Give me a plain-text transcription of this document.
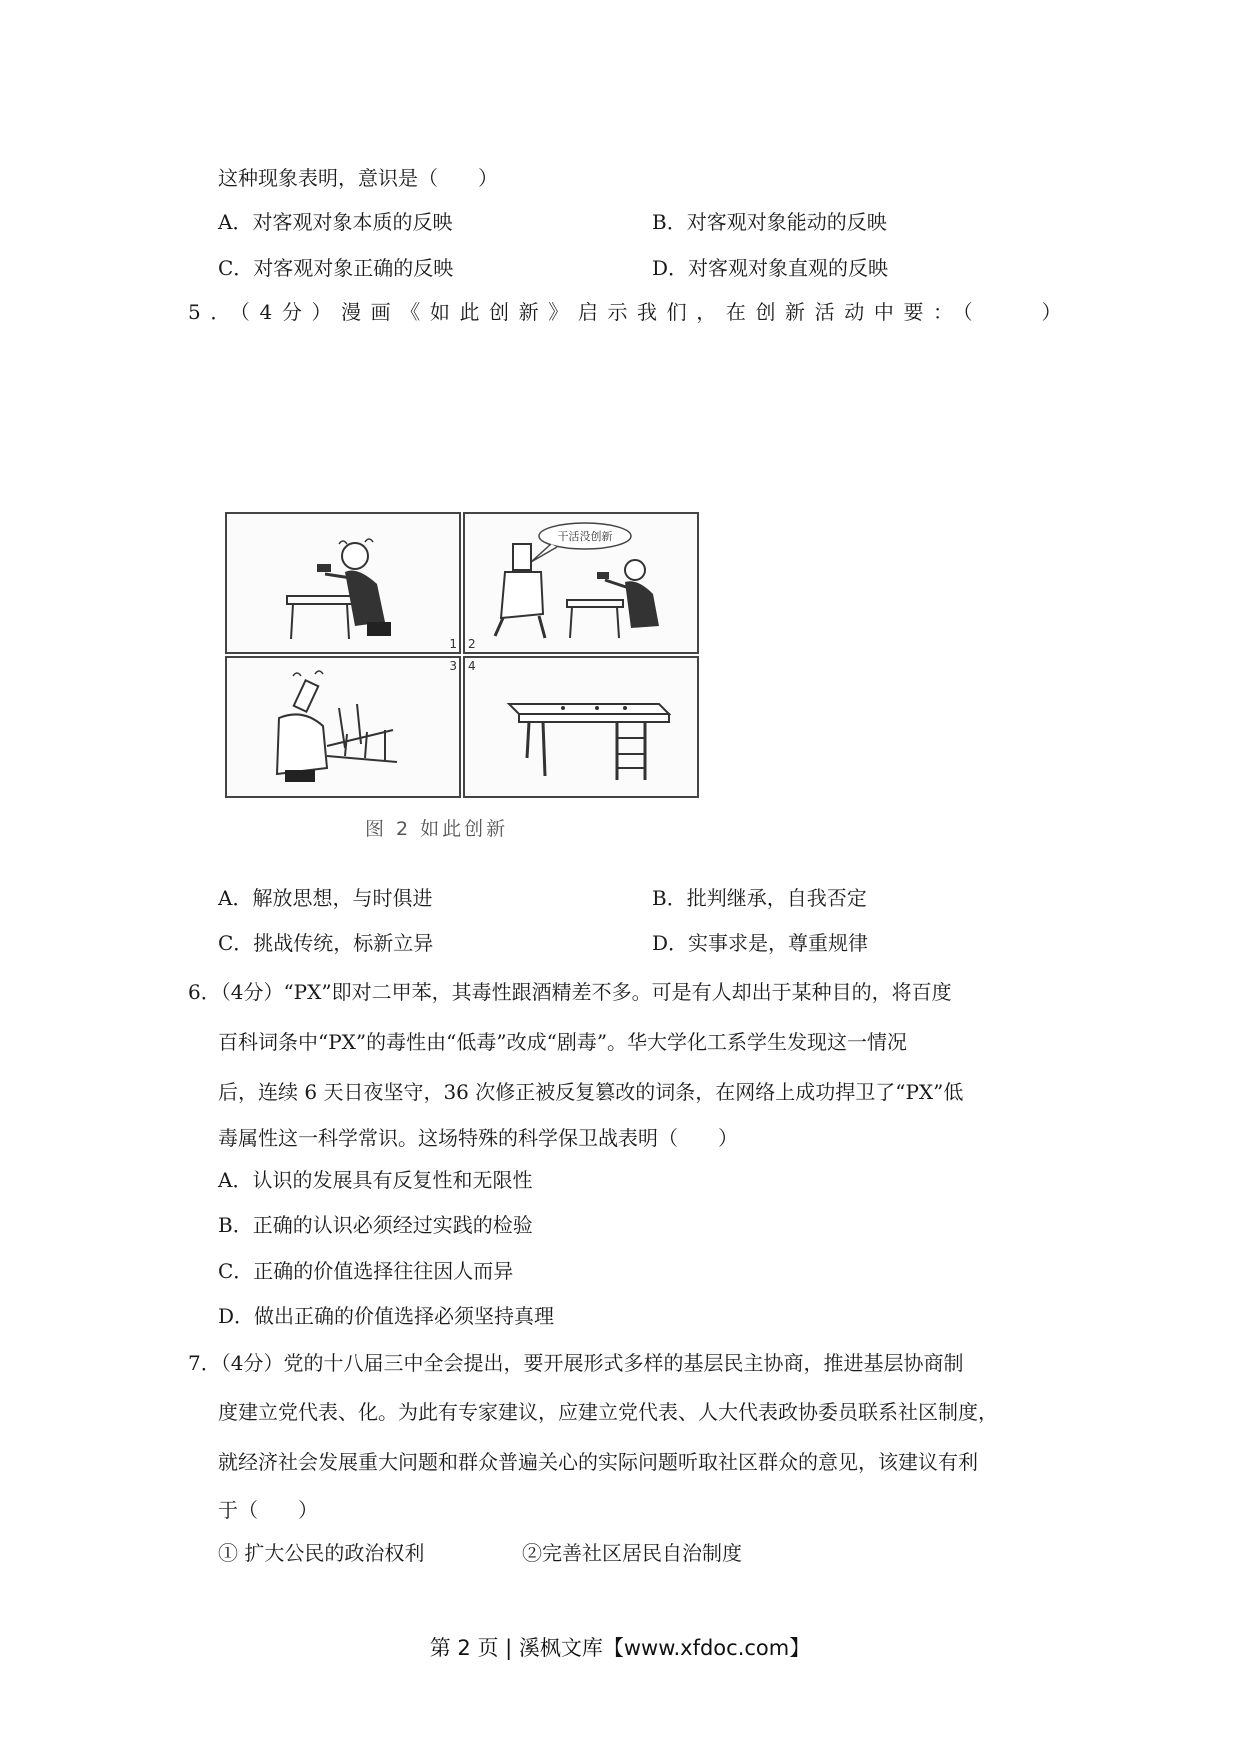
这种现象表明，意识是（　　）
A．对客观对象本质的反映	B．对客观对象能动的反映
C．对客观对象正确的反映	D．对客观对象直观的反映
5．（4分）漫画《如此创新》启示我们，在创新活动中要：（　　）
1
干活没创新
2
3 4
图 2 如此创新
A．解放思想，与时俱进	B．批判继承，自我否定
C．挑战传统，标新立异	D．实事求是，尊重规律
6．（4分）“PX”即对二甲苯，其毒性跟酒精差不多。可是有人却出于某种目的，将百度
百科词条中“PX”的毒性由“低毒”改成“剧毒”。华大学化工系学生发现这一情况
后，连续 6 天日夜坚守，36 次修正被反复篡改的词条，在网络上成功捍卫了“PX”低
毒属性这一科学常识。这场特殊的科学保卫战表明（　　）
A．认识的发展具有反复性和无限性
B．正确的认识必须经过实践的检验
C．正确的价值选择往往因人而异
D．做出正确的价值选择必须坚持真理
7．（4分）党的十八届三中全会提出，要开展形式多样的基层民主协商，推进基层协商制
度建立党代表、化。为此有专家建议，应建立党代表、人大代表政协委员联系社区制度，
就经济社会发展重大问题和群众普遍关心的实际问题听取社区群众的意见，该建议有利
于（　　）
① 扩大公民的政治权利	②完善社区居民自治制度
第 2 页 | 溪枫文库【www.xfdoc.com】
